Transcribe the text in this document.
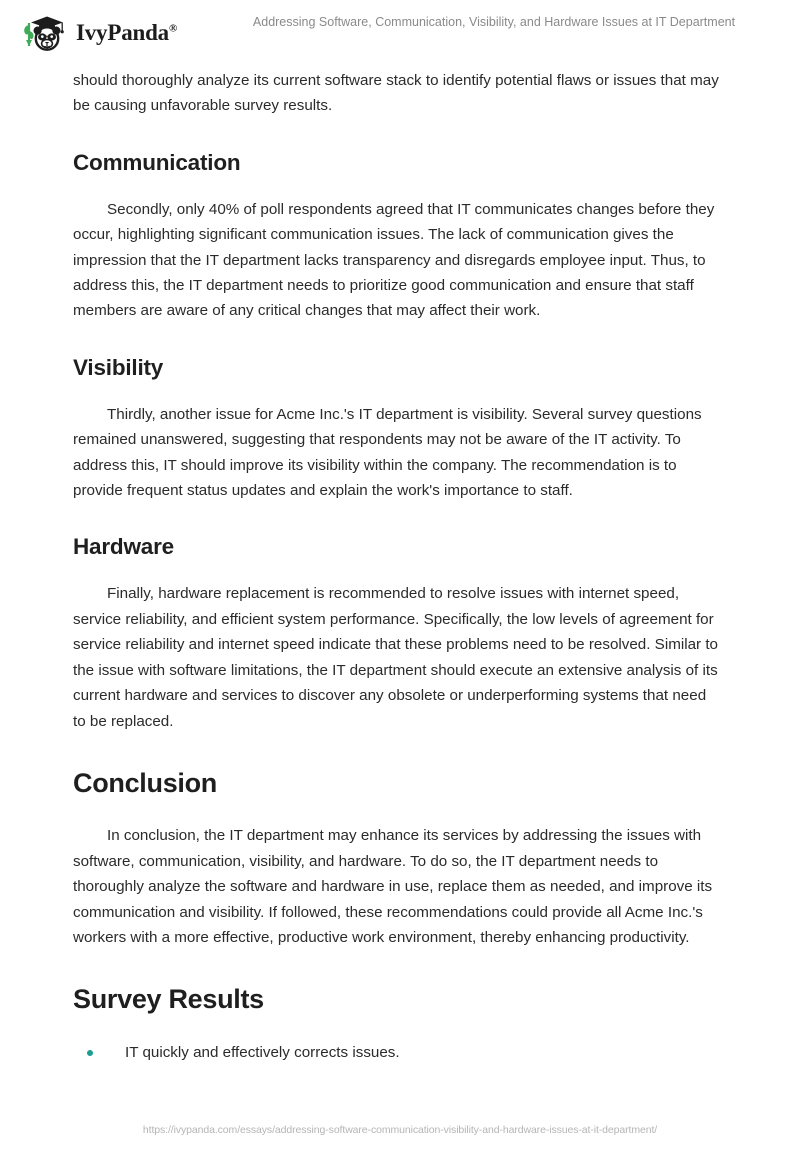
IvyPanda®	Addressing Software, Communication, Visibility, and Hardware Issues at IT Department

should thoroughly analyze its current software stack to identify potential flaws or issues that may be causing unfavorable survey results.

Communication

Secondly, only 40% of poll respondents agreed that IT communicates changes before they occur, highlighting significant communication issues. The lack of communication gives the impression that the IT department lacks transparency and disregards employee input. Thus, to address this, the IT department needs to prioritize good communication and ensure that staff members are aware of any critical changes that may affect their work.

Visibility

Thirdly, another issue for Acme Inc.'s IT department is visibility. Several survey questions remained unanswered, suggesting that respondents may not be aware of the IT activity. To address this, IT should improve its visibility within the company. The recommendation is to provide frequent status updates and explain the work's importance to staff.

Hardware

Finally, hardware replacement is recommended to resolve issues with internet speed, service reliability, and efficient system performance. Specifically, the low levels of agreement for service reliability and internet speed indicate that these problems need to be resolved. Similar to the issue with software limitations, the IT department should execute an extensive analysis of its current hardware and services to discover any obsolete or underperforming systems that need to be replaced.

Conclusion

In conclusion, the IT department may enhance its services by addressing the issues with software, communication, visibility, and hardware. To do so, the IT department needs to thoroughly analyze the software and hardware in use, replace them as needed, and improve its communication and visibility. If followed, these recommendations could provide all Acme Inc.'s workers with a more effective, productive work environment, thereby enhancing productivity.

Survey Results
IT quickly and effectively corrects issues.
https://ivypanda.com/essays/addressing-software-communication-visibility-and-hardware-issues-at-it-department/
